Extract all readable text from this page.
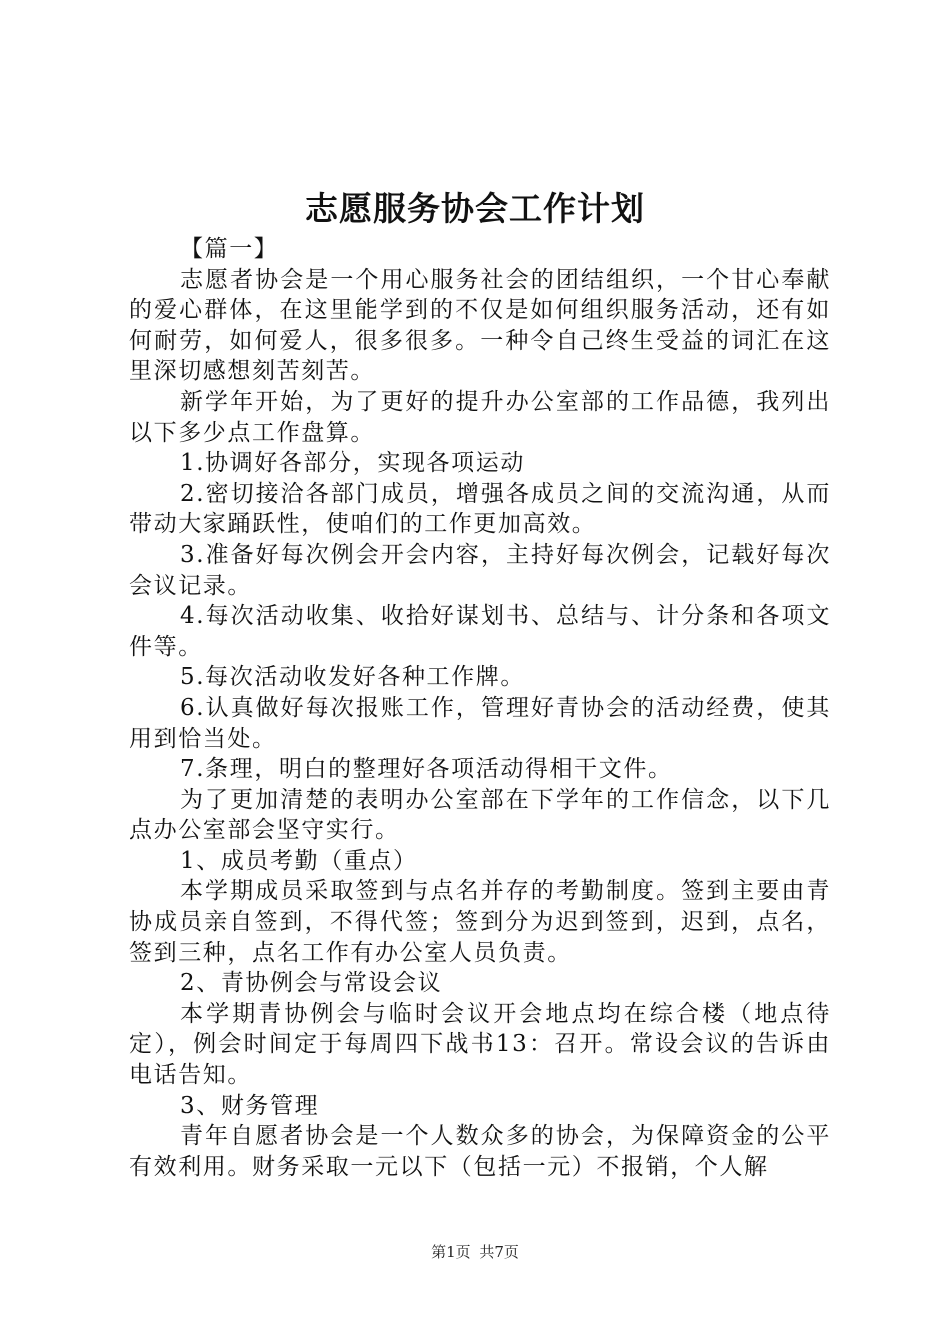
志愿服务协会工作计划

【篇一】

志愿者协会是一个用心服务社会的团结组织，一个甘心奉献的爱心群体，在这里能学到的不仅是如何组织服务活动，还有如何耐劳，如何爱人，很多很多。一种令自己终生受益的词汇在这里深切感想刻苦刻苦。

新学年开始，为了更好的提升办公室部的工作品德，我列出以下多少点工作盘算。

1.协调好各部分，实现各项运动

2.密切接洽各部门成员，增强各成员之间的交流沟通，从而带动大家踊跃性，使咱们的工作更加高效。

3.准备好每次例会开会内容，主持好每次例会，记载好每次会议记录。

4.每次活动收集、收拾好谋划书、总结与、计分条和各项文件等。

5.每次活动收发好各种工作牌。

6.认真做好每次报账工作，管理好青协会的活动经费，使其用到恰当处。

7.条理，明白的整理好各项活动得相干文件。

为了更加清楚的表明办公室部在下学年的工作信念，以下几点办公室部会坚守实行。

1、成员考勤（重点）

本学期成员采取签到与点名并存的考勤制度。签到主要由青协成员亲自签到，不得代签；签到分为迟到签到，迟到，点名，签到三种，点名工作有办公室人员负责。

2、青协例会与常设会议

本学期青协例会与临时会议开会地点均在综合楼（地点待定），例会时间定于每周四下战书13：召开。常设会议的告诉由电话告知。

3、财务管理

青年自愿者协会是一个人数众多的协会，为保障资金的公平有效利用。财务采取一元以下（包括一元）不报销，个人解

第1页 共7页
